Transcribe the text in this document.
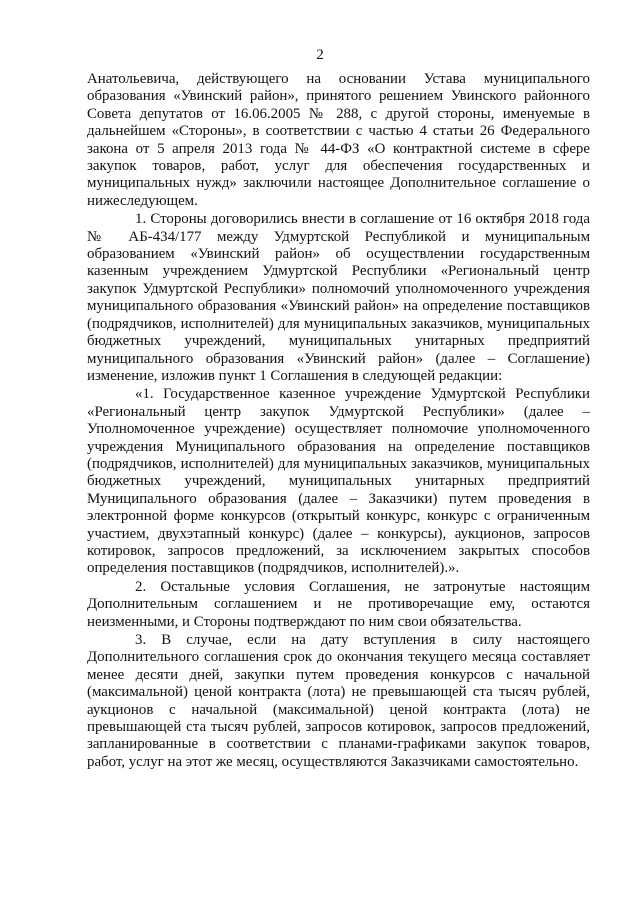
2

Анатольевича, действующего на основании Устава муниципального образования «Увинский район», принятого решением Увинского районного Совета депутатов от 16.06.2005 № 288, с другой стороны, именуемые в дальнейшем «Стороны», в соответствии с частью 4 статьи 26 Федерального закона от 5 апреля 2013 года № 44-ФЗ «О контрактной системе в сфере закупок товаров, работ, услуг для обеспечения государственных и муниципальных нужд» заключили настоящее Дополнительное соглашение о нижеследующем.

1. Стороны договорились внести в соглашение от 16 октября 2018 года № АБ-434/177 между Удмуртской Республикой и муниципальным образованием «Увинский район» об осуществлении государственным казенным учреждением Удмуртской Республики «Региональный центр закупок Удмуртской Республики» полномочий уполномоченного учреждения муниципального образования «Увинский район» на определение поставщиков (подрядчиков, исполнителей) для муниципальных заказчиков, муниципальных бюджетных учреждений, муниципальных унитарных предприятий муниципального образования «Увинский район» (далее – Соглашение) изменение, изложив пункт 1 Соглашения в следующей редакции:

«1. Государственное казенное учреждение Удмуртской Республики «Региональный центр закупок Удмуртской Республики» (далее – Уполномоченное учреждение) осуществляет полномочие уполномоченного учреждения Муниципального образования на определение поставщиков (подрядчиков, исполнителей) для муниципальных заказчиков, муниципальных бюджетных учреждений, муниципальных унитарных предприятий Муниципального образования (далее – Заказчики) путем проведения в электронной форме конкурсов (открытый конкурс, конкурс с ограниченным участием, двухэтапный конкурс) (далее – конкурсы), аукционов, запросов котировок, запросов предложений, за исключением закрытых способов определения поставщиков (подрядчиков, исполнителей).».

2. Остальные условия Соглашения, не затронутые настоящим Дополнительным соглашением и не противоречащие ему, остаются неизменными, и Стороны подтверждают по ним свои обязательства.

3. В случае, если на дату вступления в силу настоящего Дополнительного соглашения срок до окончания текущего месяца составляет менее десяти дней, закупки путем проведения конкурсов с начальной (максимальной) ценой контракта (лота) не превышающей ста тысяч рублей, аукционов с начальной (максимальной) ценой контракта (лота) не превышающей ста тысяч рублей, запросов котировок, запросов предложений, запланированные в соответствии с планами-графиками закупок товаров, работ, услуг на этот же месяц, осуществляются Заказчиками самостоятельно.
